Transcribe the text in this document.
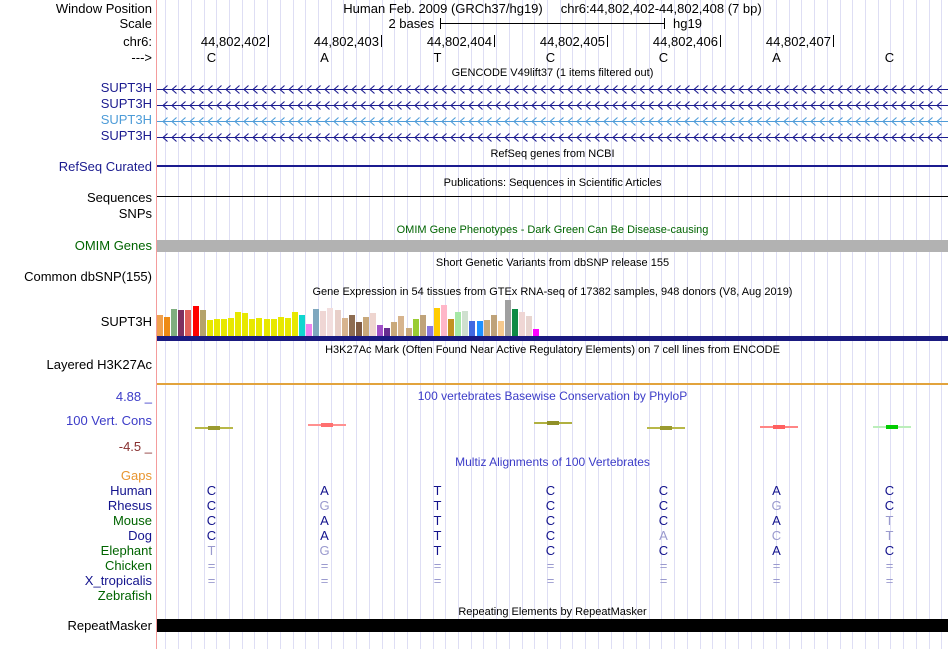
Window Position	Human Feb. 2009 (GRCh37/hg19) chr6:44,802,402-44,802,408 (7 bp)
Scale	2 bases	hg19
chr6:	44,802,402	44,802,403	44,802,404	44,802,405	44,802,406	44,802,407
--->	C	A	T	C	C	A	C
GENCODE V49lift37 (1 items filtered out)
SUPT3H
SUPT3H
SUPT3H
SUPT3H
RefSeq genes from NCBI
RefSeq Curated
Publications: Sequences in Scientific Articles
Sequences
SNPs
OMIM Gene Phenotypes - Dark Green Can Be Disease-causing
OMIM Genes
Short Genetic Variants from dbSNP release 155
Common dbSNP(155)
Gene Expression in 54 tissues from GTEx RNA-seq of 17382 samples, 948 donors (V8, Aug 2019)
SUPT3H
H3K27Ac Mark (Often Found Near Active Regulatory Elements) on 7 cell lines from ENCODE
Layered H3K27Ac
4.88 _	100 vertebrates Basewise Conservation by PhyloP
100 Vert. Cons
-4.5 _
Multiz Alignments of 100 Vertebrates
Gaps
Human	C	A	T	C	C	A	C
Rhesus	C	G	T	C	C	G	C
Mouse	C	A	T	C	C	A	T
Dog	C	A	T	C	A	C	T
Elephant	T	G	T	C	C	A	C
Chicken	=	=	=	=	=	=	=
X_tropicalis	=	=	=	=	=	=	=
Zebrafish
Repeating Elements by RepeatMasker
RepeatMasker
